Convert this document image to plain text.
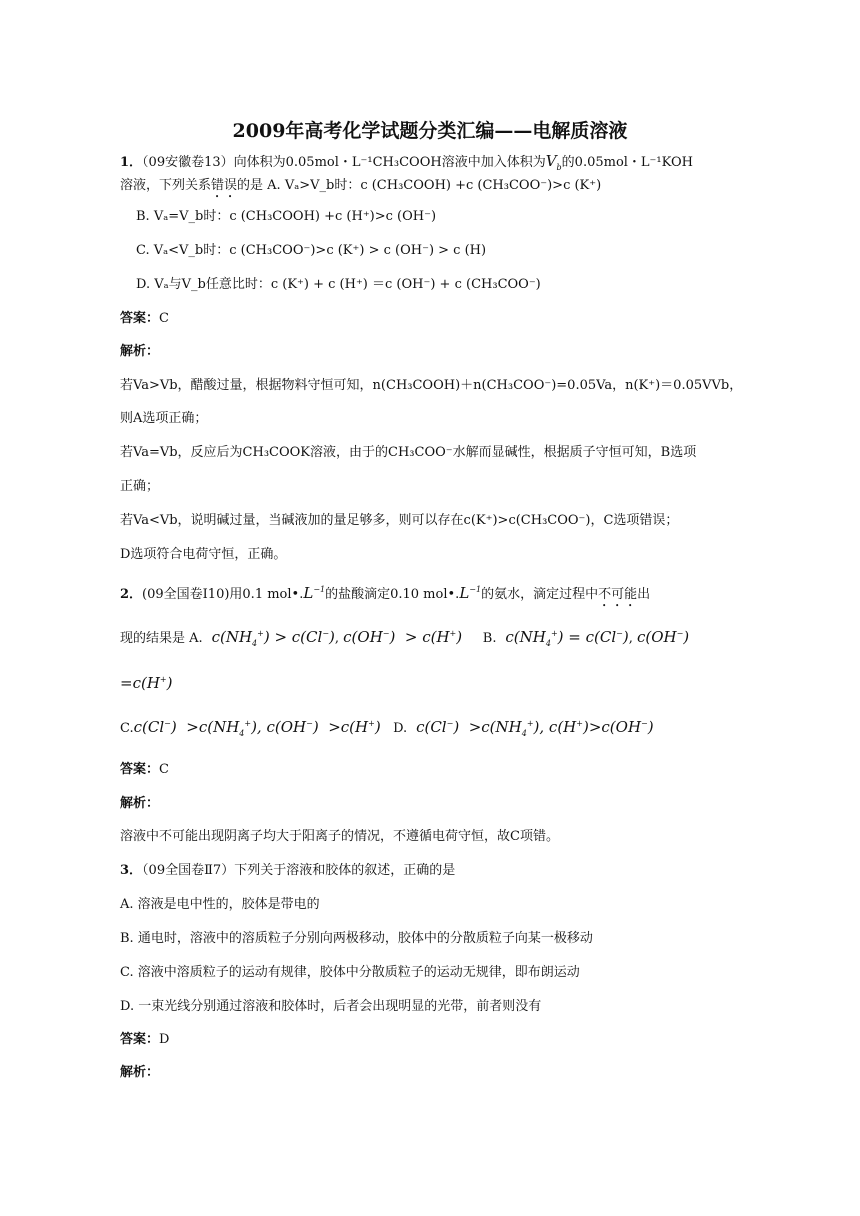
2009年高考化学试题分类汇编——电解质溶液
1．（09安徽卷13）向体积为0.05mol・L⁻¹CH₃COOH溶液中加入体积为$V_b$的0.05mol・L⁻¹KOH
溶液，下列关系错误的是 A. Vₐ>V_b时：c (CH₃COOH) +c (CH₃COO⁻)>c (K⁺)
B. Vₐ=V_b时：c (CH₃COOH) +c (H⁺)>c (OH⁻)
C. Vₐ<V_b时：c (CH₃COO⁻)>c (K⁺) > c (OH⁻) > c (H)
D. Vₐ与V_b任意比时：c (K⁺) + c (H⁺) ＝c (OH⁻) + c (CH₃COO⁻)
答案：C
解析：
若Va>Vb，醋酸过量，根据物料守恒可知，n(CH₃COOH)＋n(CH₃COO⁻)=0.05Va，n(K⁺)＝0.05VVb，
则A选项正确；
若Va=Vb，反应后为CH₃COOK溶液，由于的CH₃COO⁻水解而显碱性，根据质子守恒可知，B选项
正确；
若Va<Vb，说明碱过量，当碱液加的量足够多，则可以存在c(K⁺)>c(CH₃COO⁻)，C选项错误；
D选项符合电荷守恒，正确。
2．(09全国卷Ⅰ10)用0.1 $mol•.L^{-1}$的盐酸滴定0.10 $mol•.L^{-1}$的氨水，滴定过程中不可能出
现的结果是 A.  $c(NH_4^+) > c(Cl^-)$, c(OH−)  > c(H+) B.  $c(NH_4^+) = c(Cl^-)$, c(OH−)
=c(H+)
$C.c(Cl^-) >c(NH_4^+)$, c(OH−)  >c(H+) D.  $c(Cl^-) >c(NH_4^+)$, c(H+)>c(OH−)
答案：C
解析：
溶液中不可能出现阴离子均大于阳离子的情况，不遵循电荷守恒，故C项错。
3．（09全国卷Ⅱ7）下列关于溶液和胶体的叙述，正确的是
A. 溶液是电中性的，胶体是带电的
B. 通电时，溶液中的溶质粒子分别向两极移动，胶体中的分散质粒子向某一极移动
C. 溶液中溶质粒子的运动有规律，胶体中分散质粒子的运动无规律，即布朗运动
D. 一束光线分别通过溶液和胶体时，后者会出现明显的光带，前者则没有
答案：D
解析：
